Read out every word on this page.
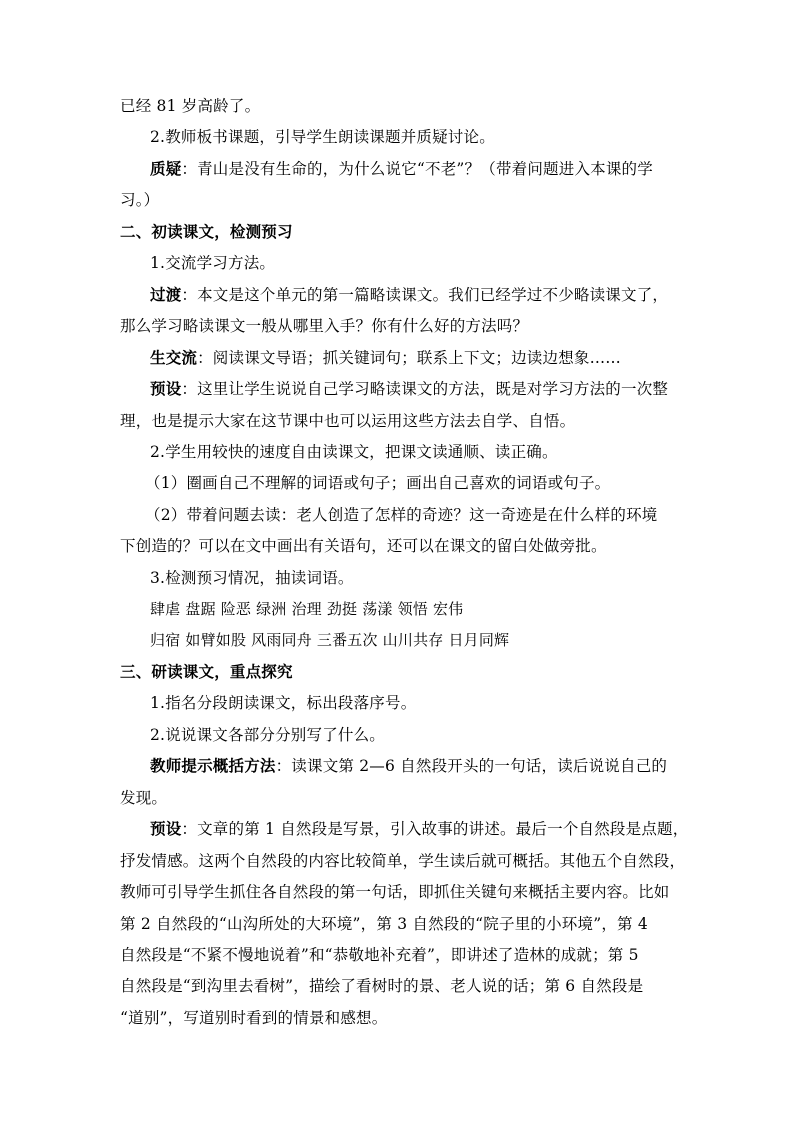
已经 81 岁高龄了。
2.教师板书课题，引导学生朗读课题并质疑讨论。
质疑：青山是没有生命的，为什么说它“不老”？（带着问题进入本课的学
习。）
二、初读课文，检测预习
1.交流学习方法。
过渡：本文是这个单元的第一篇略读课文。我们已经学过不少略读课文了，
那么学习略读课文一般从哪里入手？你有什么好的方法吗？
生交流：阅读课文导语；抓关键词句；联系上下文；边读边想象……
预设：这里让学生说说自己学习略读课文的方法，既是对学习方法的一次整
理，也是提示大家在这节课中也可以运用这些方法去自学、自悟。
2.学生用较快的速度自由读课文，把课文读通顺、读正确。
（1）圈画自己不理解的词语或句子；画出自己喜欢的词语或句子。
（2）带着问题去读：老人创造了怎样的奇迹？这一奇迹是在什么样的环境
下创造的？可以在文中画出有关语句，还可以在课文的留白处做旁批。
3.检测预习情况，抽读词语。
肆虐 盘踞 险恶 绿洲 治理 劲挺 荡漾 领悟 宏伟
归宿 如臂如股 风雨同舟 三番五次 山川共存 日月同辉
三、研读课文，重点探究
1.指名分段朗读课文，标出段落序号。
2.说说课文各部分分别写了什么。
教师提示概括方法：读课文第 2—6 自然段开头的一句话，读后说说自己的
发现。
预设：文章的第 1 自然段是写景，引入故事的讲述。最后一个自然段是点题，
抒发情感。这两个自然段的内容比较简单，学生读后就可概括。其他五个自然段，
教师可引导学生抓住各自然段的第一句话，即抓住关键句来概括主要内容。比如
第 2 自然段的“山沟所处的大环境”，第 3 自然段的“院子里的小环境”，第 4
自然段是“不紧不慢地说着”和“恭敬地补充着”，即讲述了造林的成就；第 5
自然段是“到沟里去看树”，描绘了看树时的景、老人说的话；第 6 自然段是
“道别”，写道别时看到的情景和感想。
